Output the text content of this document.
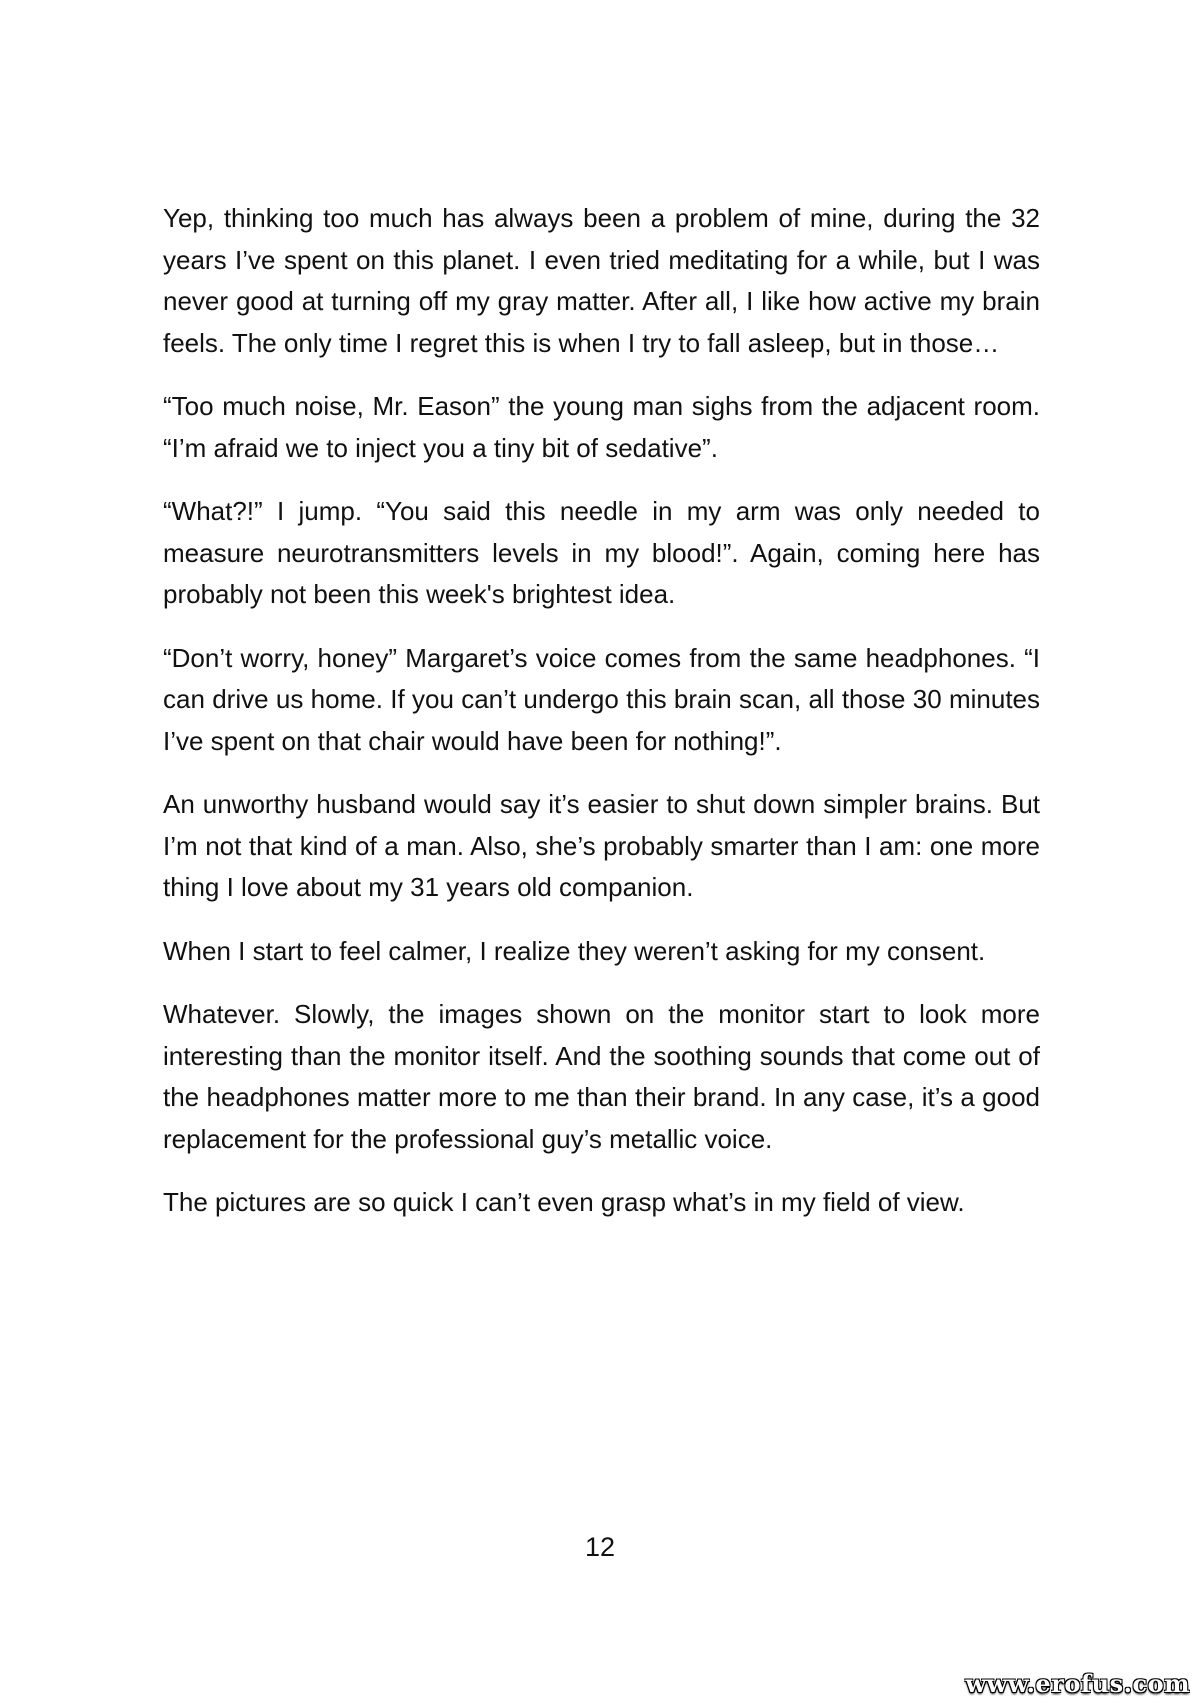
Yep, thinking too much has always been a problem of mine, during the 32 years I’ve spent on this planet. I even tried meditating for a while, but I was never good at turning off my gray matter. After all, I like how active my brain feels. The only time I regret this is when I try to fall asleep, but in those…

“Too much noise, Mr. Eason” the young man sighs from the adjacent room. “I’m afraid we to inject you a tiny bit of sedative”.

“What?!” I jump. “You said this needle in my arm was only needed to measure neurotransmitters levels in my blood!”. Again, coming here has probably not been this week's brightest idea.

“Don’t worry, honey” Margaret’s voice comes from the same headphones. “I can drive us home. If you can’t undergo this brain scan, all those 30 minutes I’ve spent on that chair would have been for nothing!”.

An unworthy husband would say it’s easier to shut down simpler brains. But I’m not that kind of a man. Also, she’s probably smarter than I am: one more thing I love about my 31 years old companion.

When I start to feel calmer, I realize they weren’t asking for my consent.

Whatever. Slowly, the images shown on the monitor start to look more interesting than the monitor itself. And the soothing sounds that come out of the headphones matter more to me than their brand. In any case, it’s a good replacement for the professional guy’s metallic voice.

The pictures are so quick I can’t even grasp what’s in my field of view.

12
www.erofus.com
